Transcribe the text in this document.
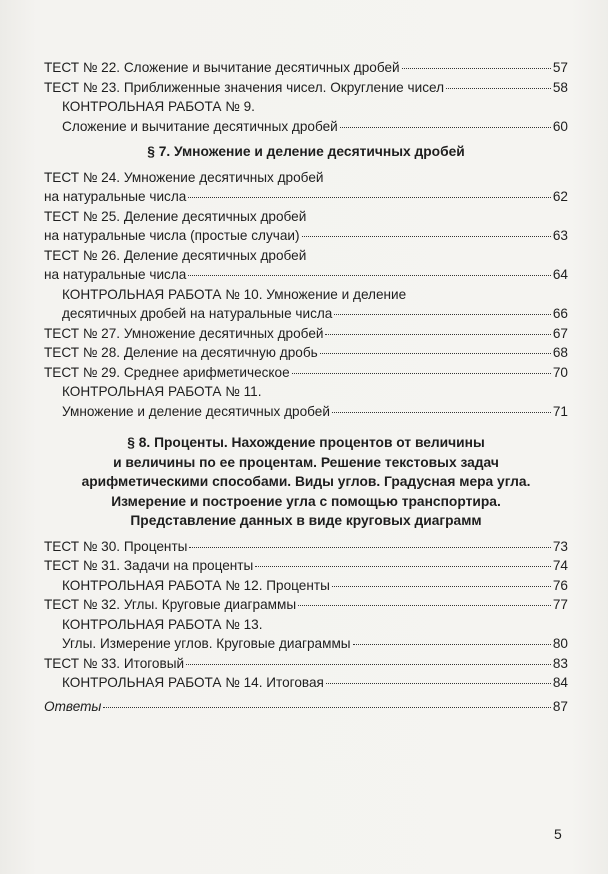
ТЕСТ № 22. Сложение и вычитание десятичных дробей	57
ТЕСТ № 23. Приближенные значения чисел. Округление чисел	58
КОНТРОЛЬНАЯ РАБОТА № 9.
Сложение и вычитание десятичных дробей	60
§ 7. Умножение и деление десятичных дробей
ТЕСТ № 24. Умножение десятичных дробей
на натуральные числа	62
ТЕСТ № 25. Деление десятичных дробей
на натуральные числа (простые случаи)	63
ТЕСТ № 26. Деление десятичных дробей
на натуральные числа	64
КОНТРОЛЬНАЯ РАБОТА № 10. Умножение и деление
десятичных дробей на натуральные числа	66
ТЕСТ № 27. Умножение десятичных дробей	67
ТЕСТ № 28. Деление на десятичную дробь	68
ТЕСТ № 29. Среднее арифметическое	70
КОНТРОЛЬНАЯ РАБОТА № 11.
Умножение и деление десятичных дробей	71
§ 8. Проценты. Нахождение процентов от величины
и величины по ее процентам. Решение текстовых задач
арифметическими способами. Виды углов. Градусная мера угла.
Измерение и построение угла с помощью транспортира.
Представление данных в виде круговых диаграмм
ТЕСТ № 30. Проценты	73
ТЕСТ № 31. Задачи на проценты	74
КОНТРОЛЬНАЯ РАБОТА № 12. Проценты	76
ТЕСТ № 32. Углы. Круговые диаграммы	77
КОНТРОЛЬНАЯ РАБОТА № 13.
Углы. Измерение углов. Круговые диаграммы	80
ТЕСТ № 33. Итоговый	83
КОНТРОЛЬНАЯ РАБОТА № 14. Итоговая	84
Ответы	87
5
